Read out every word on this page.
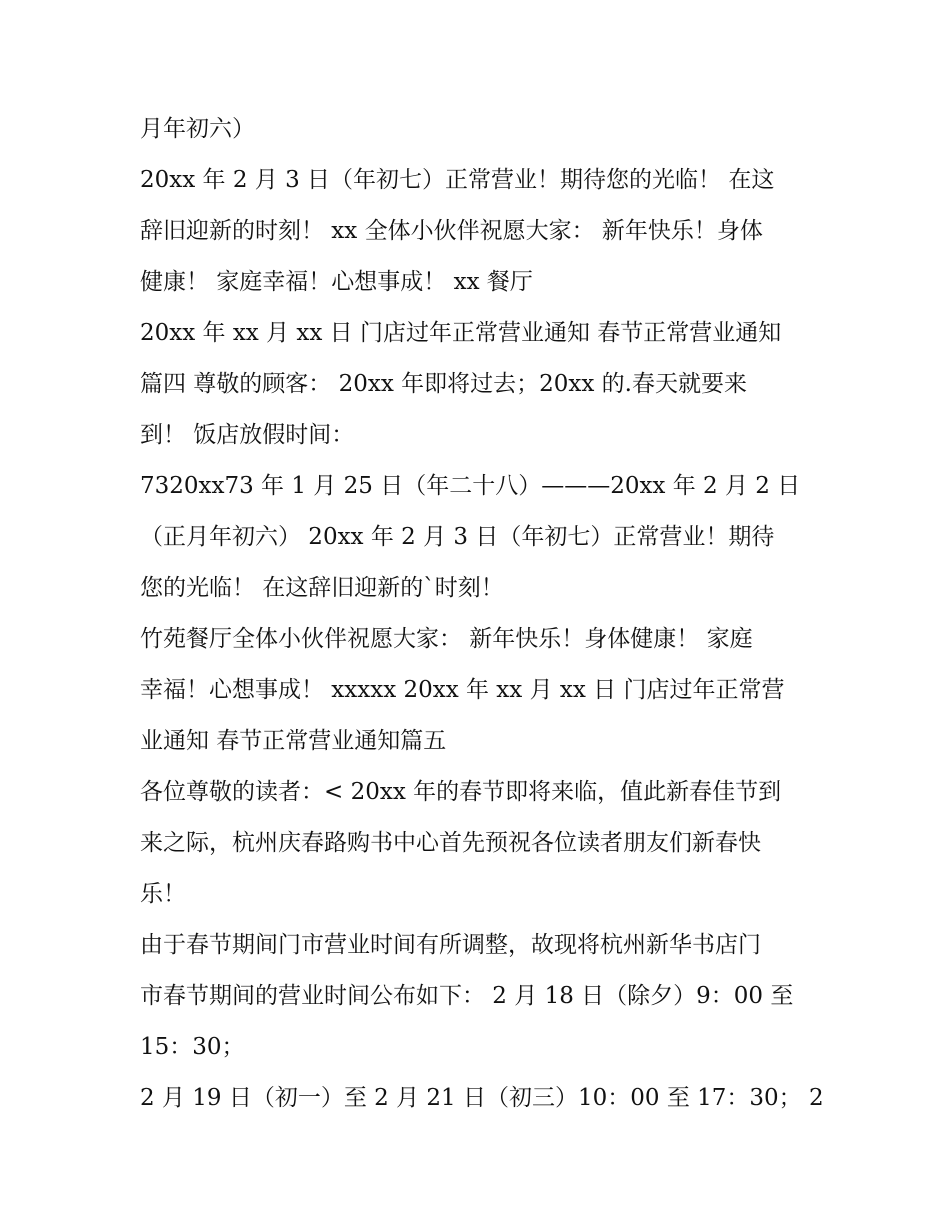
月年初六）
20xx 年 2 月 3 日（年初七）正常营业！期待您的光临！ 在这
辞旧迎新的时刻！ xx 全体小伙伴祝愿大家： 新年快乐！身体
健康！ 家庭幸福！心想事成！ xx 餐厅
20xx 年 xx 月 xx 日 门店过年正常营业通知 春节正常营业通知
篇四 尊敬的顾客： 20xx 年即将过去；20xx 的.春天就要来
到！ 饭店放假时间：
7320xx73 年 1 月 25 日（年二十八）———20xx 年 2 月 2 日
（正月年初六） 20xx 年 2 月 3 日（年初七）正常营业！期待
您的光临！ 在这辞旧迎新的`时刻！
竹苑餐厅全体小伙伴祝愿大家： 新年快乐！身体健康！ 家庭
幸福！心想事成！ xxxxx 20xx 年 xx 月 xx 日 门店过年正常营
业通知 春节正常营业通知篇五
各位尊敬的读者：< 20xx 年的春节即将来临，值此新春佳节到
来之际，杭州庆春路购书中心首先预祝各位读者朋友们新春快
乐！
由于春节期间门市营业时间有所调整，故现将杭州新华书店门
市春节期间的营业时间公布如下： 2 月 18 日（除夕）9：00 至
15：30；
2 月 19 日（初一）至 2 月 21 日（初三）10：00 至 17：30； 2
